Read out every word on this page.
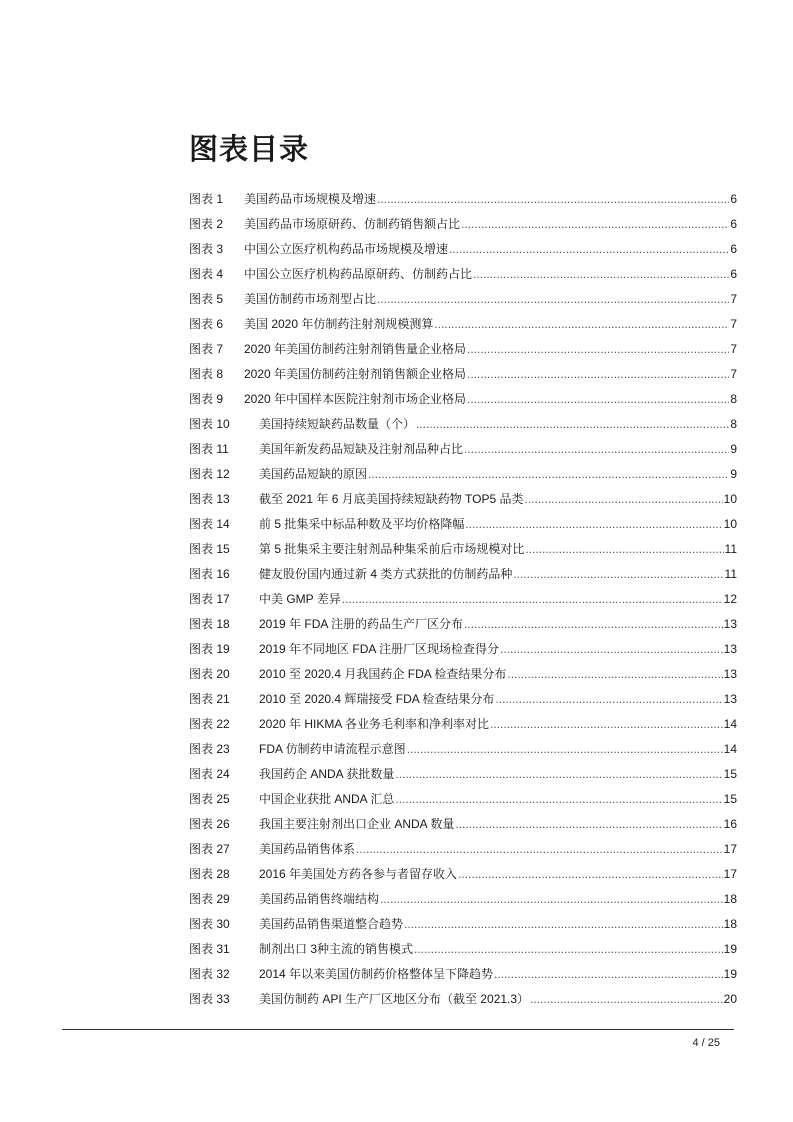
图表目录
图表 1	美国药品市场规模及增速 .....	6
图表 2	美国药品市场原研药、仿制药销售额占比 .....	6
图表 3	中国公立医疗机构药品市场规模及增速 .....	6
图表 4	中国公立医疗机构药品原研药、仿制药占比 .....	6
图表 5	美国仿制药市场剂型占比 .....	7
图表 6	美国 2020 年仿制药注射剂规模测算 .....	7
图表 7	2020 年美国仿制药注射剂销售量企业格局 .....	7
图表 8	2020 年美国仿制药注射剂销售额企业格局 .....	7
图表 9	2020 年中国样本医院注射剂市场企业格局 .....	8
图表 10	美国持续短缺药品数量（个） .....	8
图表 11	美国年新发药品短缺及注射剂品种占比 .....	9
图表 12	美国药品短缺的原因 .....	9
图表 13	截至 2021 年 6 月底美国持续短缺药物 TOP5 品类 .....	10
图表 14	前 5 批集采中标品种数及平均价格降幅 .....	10
图表 15	第 5 批集采主要注射剂品种集采前后市场规模对比 .....	11
图表 16	健友股份国内通过新 4 类方式获批的仿制药品种 .....	11
图表 17	中美 GMP 差异 .....	12
图表 18	2019 年 FDA 注册的药品生产厂区分布 .....	13
图表 19	2019 年不同地区 FDA 注册厂区现场检查得分 .....	13
图表 20	2010 至 2020.4 月我国药企 FDA 检查结果分布 .....	13
图表 21	2010 至 2020.4 辉瑞接受 FDA 检查结果分布 .....	13
图表 22	2020 年 HIKMA 各业务毛利率和净利率对比 .....	14
图表 23	FDA 仿制药申请流程示意图 .....	14
图表 24	我国药企 ANDA 获批数量 .....	15
图表 25	中国企业获批 ANDA 汇总 .....	15
图表 26	我国主要注射剂出口企业 ANDA 数量 .....	16
图表 27	美国药品销售体系 .....	17
图表 28	2016 年美国处方药各参与者留存收入 .....	17
图表 29	美国药品销售终端结构 .....	18
图表 30	美国药品销售渠道整合趋势 .....	18
图表 31	制剂出口 3种主流的销售模式 .....	19
图表 32	2014 年以来美国仿制药价格整体呈下降趋势 .....	19
图表 33	美国仿制药 API 生产厂区地区分布（截至 2021.3） .....	20
4 / 25
